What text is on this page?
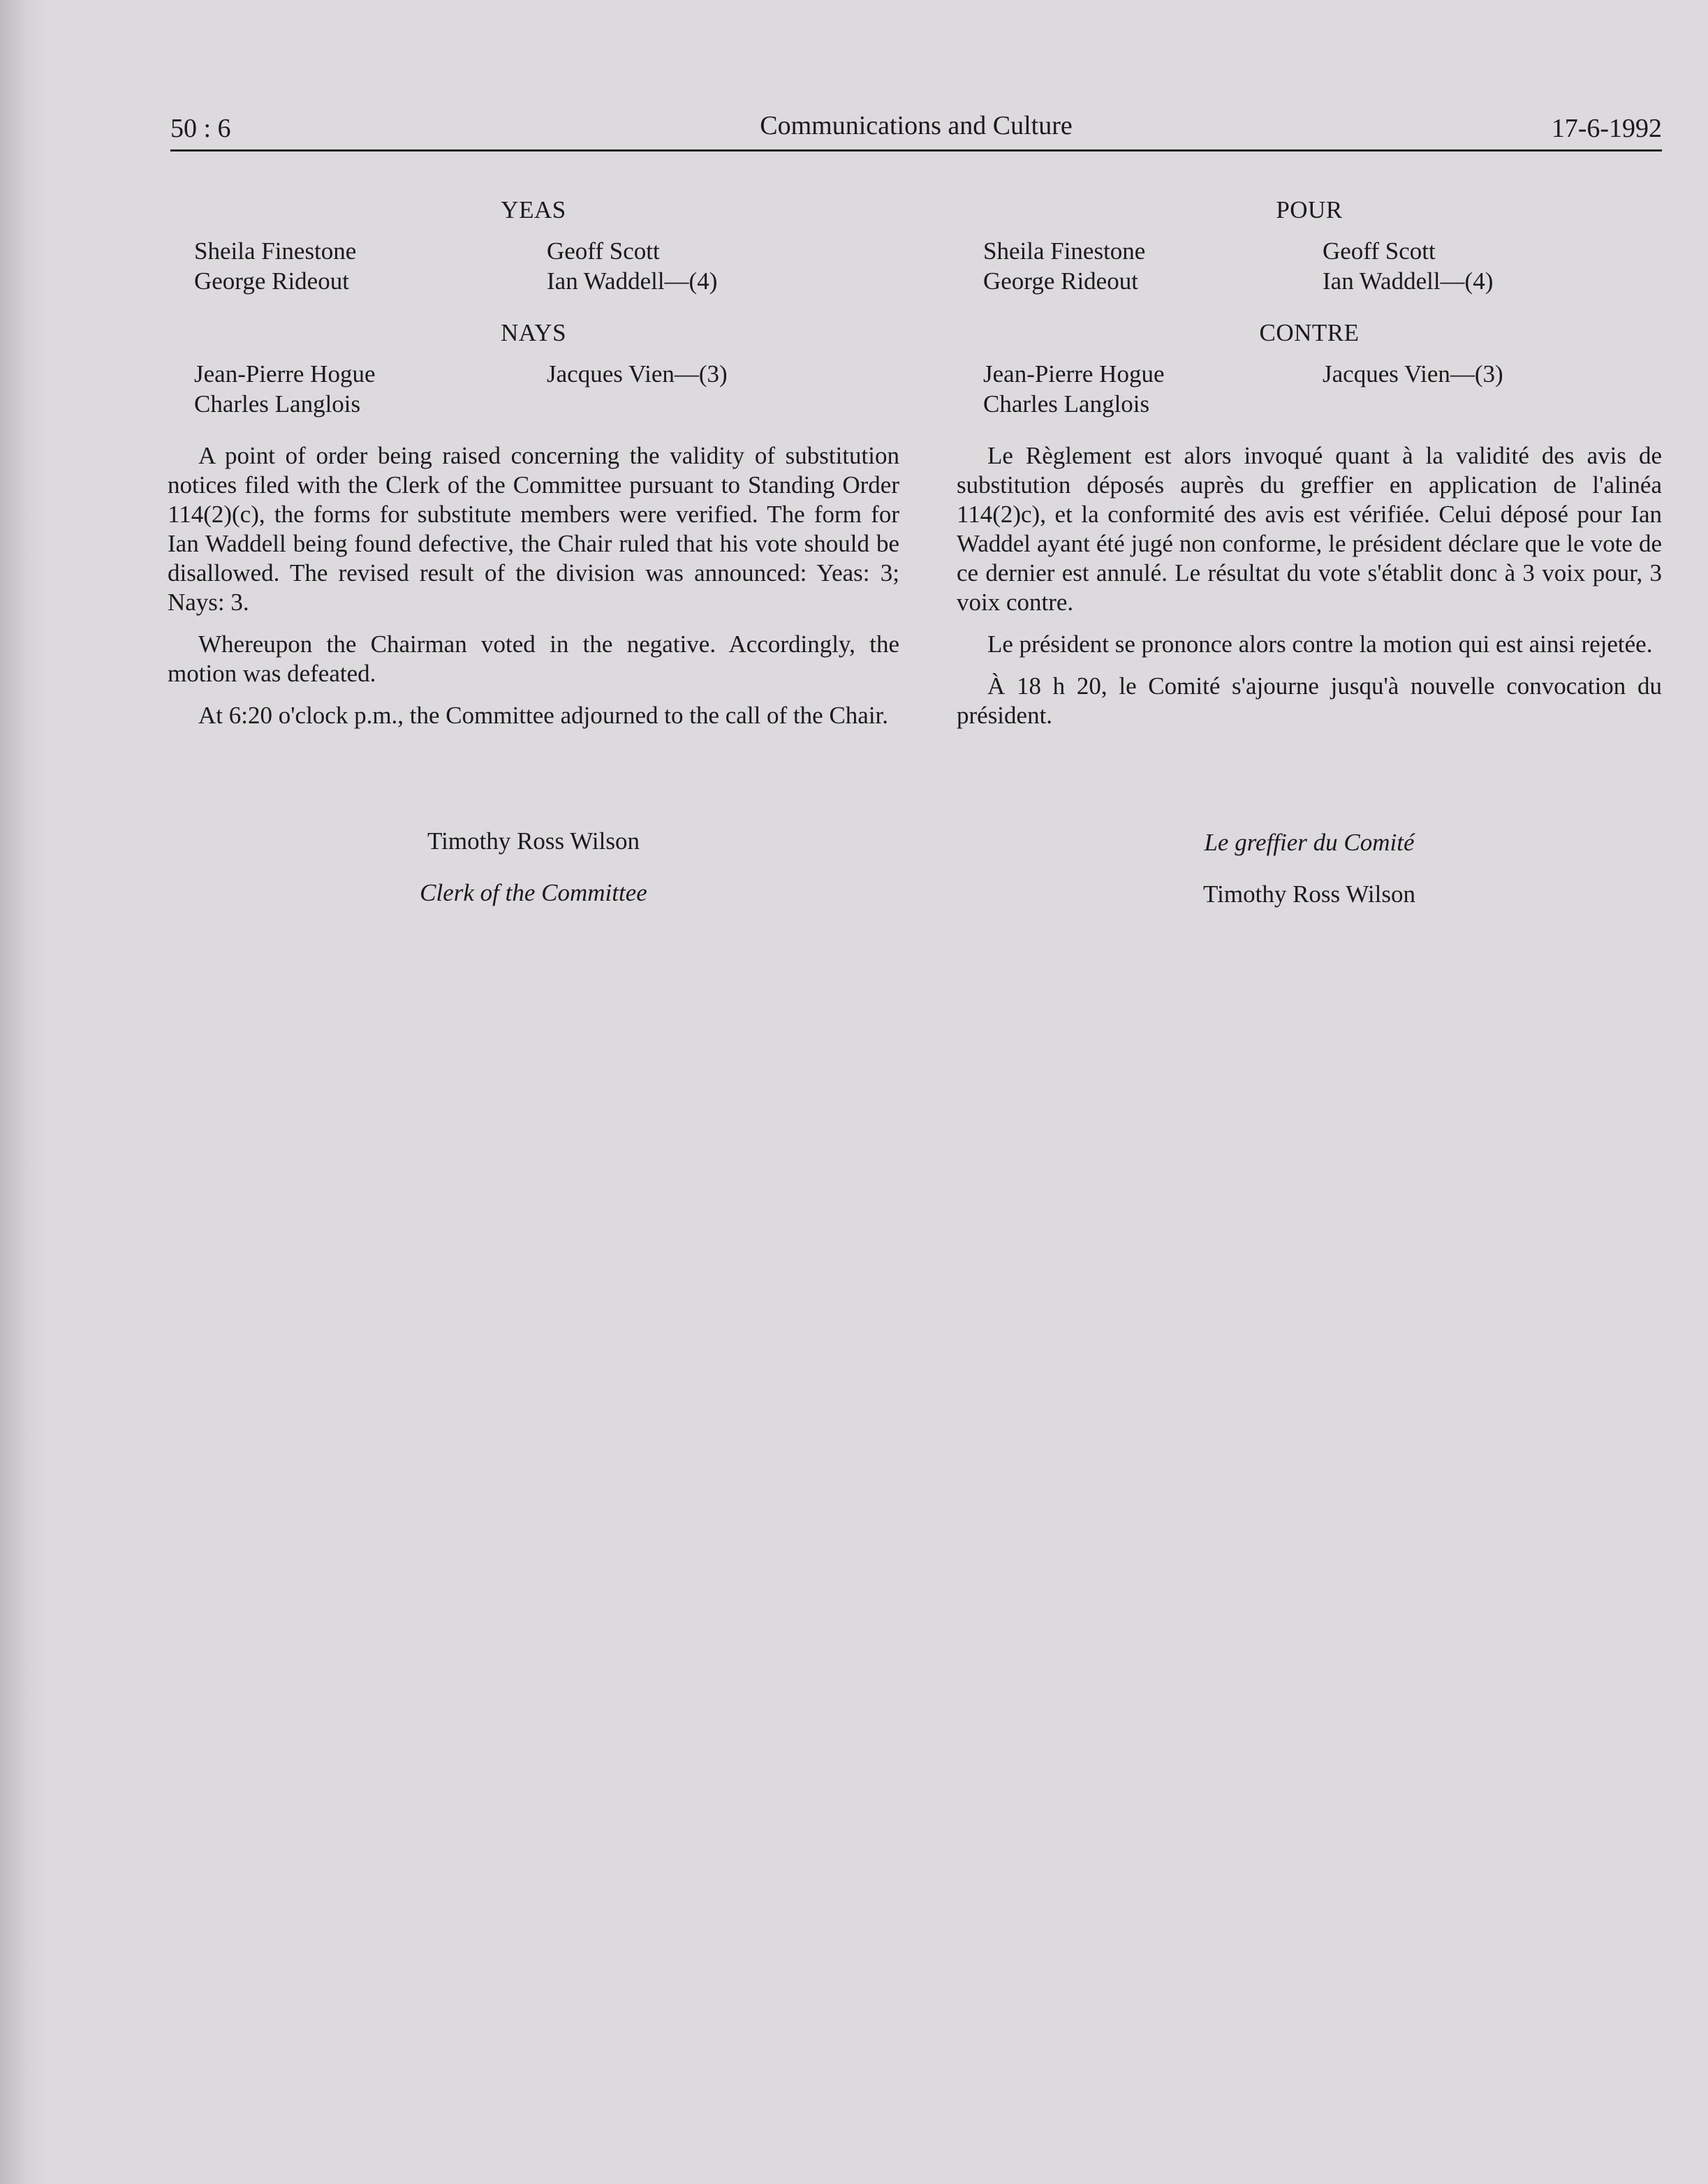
50 : 6	Communications and Culture	17-6-1992
YEAS
Sheila Finestone	Geoff Scott
George Rideout	Ian Waddell—(4)
NAYS
Jean-Pierre Hogue	Jacques Vien—(3)
Charles Langlois

A point of order being raised concerning the validity of substitution notices filed with the Clerk of the Committee pursuant to Standing Order 114(2)(c), the forms for substitute members were verified. The form for Ian Waddell being found defective, the Chair ruled that his vote should be disallowed. The revised result of the division was announced: Yeas: 3; Nays: 3.

Whereupon the Chairman voted in the negative. Accordingly, the motion was defeated.

At 6:20 o'clock p.m., the Committee adjourned to the call of the Chair.

Timothy Ross Wilson
Clerk of the Committee
POUR
Sheila Finestone	Geoff Scott
George Rideout	Ian Waddell—(4)
CONTRE
Jean-Pierre Hogue	Jacques Vien—(3)
Charles Langlois

Le Règlement est alors invoqué quant à la validité des avis de substitution déposés auprès du greffier en application de l'alinéa 114(2)c), et la conformité des avis est vérifiée. Celui déposé pour Ian Waddel ayant été jugé non conforme, le président déclare que le vote de ce dernier est annulé. Le résultat du vote s'établit donc à 3 voix pour, 3 voix contre.

Le président se prononce alors contre la motion qui est ainsi rejetée.

À 18 h 20, le Comité s'ajourne jusqu'à nouvelle convocation du président.

Le greffier du Comité
Timothy Ross Wilson
